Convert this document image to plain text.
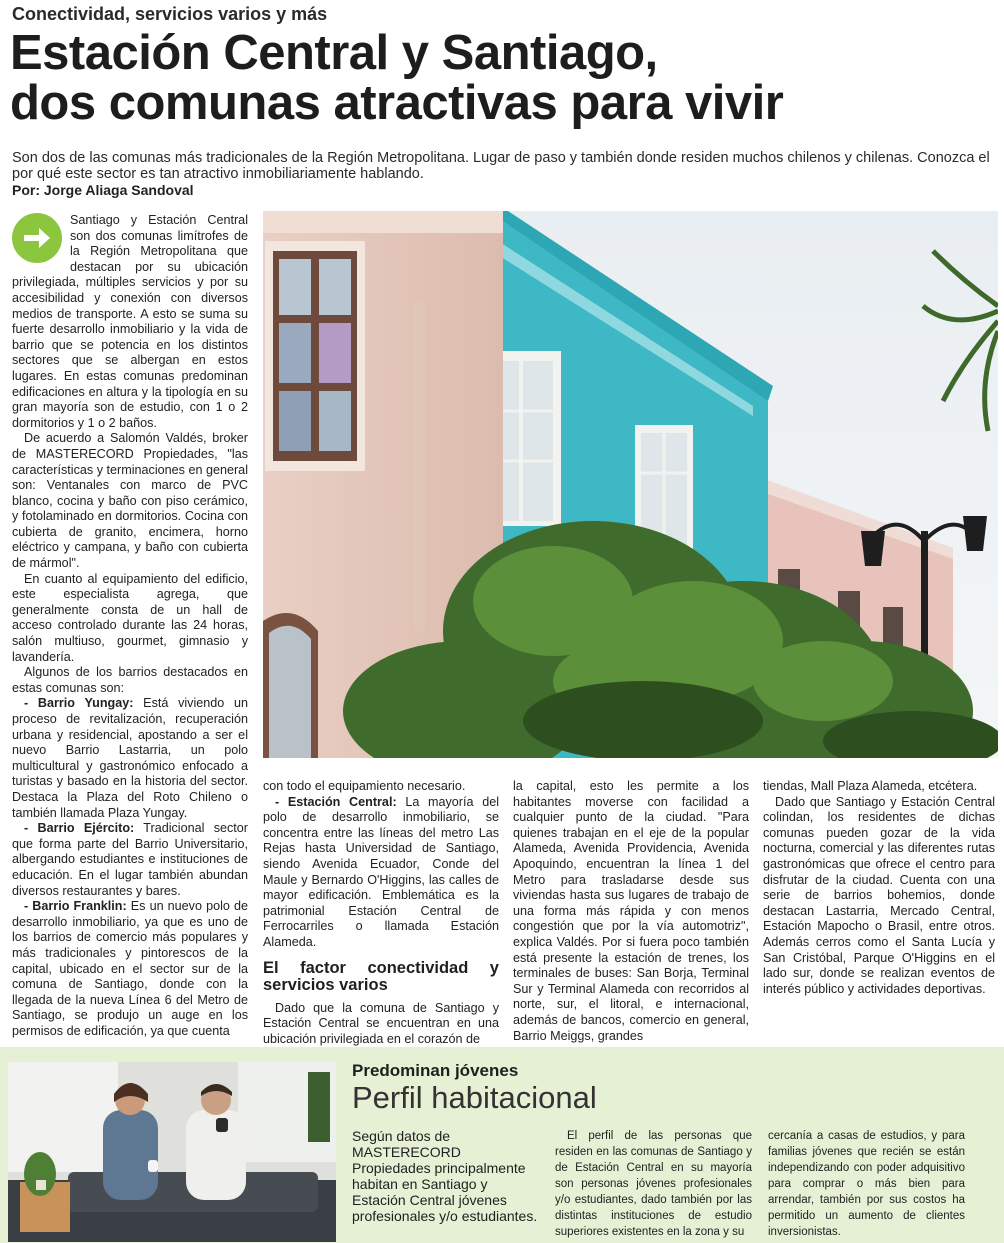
Conectividad, servicios varios y más
Estación Central y Santiago,
dos comunas atractivas para vivir
Son dos de las comunas más tradicionales de la Región Metropolitana. Lugar de paso y también donde residen muchos chilenos y chilenas. Conozca el por qué este sector es tan atractivo inmobiliariamente hablando.
Por: Jorge Aliaga Sandoval

Santiago y Estación Central son dos comunas limítrofes de la Región Metropolitana que destacan por su ubicación privilegiada, múltiples servicios y por su accesibilidad y conexión con diversos medios de transporte. A esto se suma su fuerte desarrollo inmobiliario y la vida de barrio que se potencia en los distintos sectores que se albergan en estos lugares. En estas comunas predominan edificaciones en altura y la tipología en su gran mayoría son de estudio, con 1 o 2 dormitorios y 1 o 2 baños.

De acuerdo a Salomón Valdés, broker de MASTERECORD Propiedades, "las características y terminaciones en general son: Ventanales con marco de PVC blanco, cocina y baño con piso cerámico, y fotolaminado en dormitorios. Cocina con cubierta de granito, encimera, horno eléctrico y campana, y baño con cubierta de mármol".

En cuanto al equipamiento del edificio, este especialista agrega, que generalmente consta de un hall de acceso controlado durante las 24 horas, salón multiuso, gourmet, gimnasio y lavandería.

Algunos de los barrios destacados en estas comunas son:

- Barrio Yungay: Está viviendo un proceso de revitalización, recuperación urbana y residencial, apostando a ser el nuevo Barrio Lastarria, un polo multicultural y gastronómico enfocado a turistas y basado en la historia del sector. Destaca la Plaza del Roto Chileno o también llamada Plaza Yungay.

- Barrio Ejército: Tradicional sector que forma parte del Barrio Universitario, albergando estudiantes e instituciones de educación. En el lugar también abundan diversos restaurantes y bares.

- Barrio Franklin: Es un nuevo polo de desarrollo inmobiliario, ya que es uno de los barrios de comercio más populares y más tradicionales y pintorescos de la capital, ubicado en el sector sur de la comuna de Santiago, donde con la llegada de la nueva Línea 6 del Metro de Santiago, se produjo un auge en los permisos de edificación, ya que cuenta

con todo el equipamiento necesario.

- Estación Central: La mayoría del polo de desarrollo inmobiliario, se concentra entre las líneas del metro Las Rejas hasta Universidad de Santiago, siendo Avenida Ecuador, Conde del Maule y Bernardo O'Higgins, las calles de mayor edificación. Emblemática es la patrimonial Estación Central de Ferrocarriles o llamada Estación Alameda.

El factor conectividad y servicios varios

Dado que la comuna de Santiago y Estación Central se encuentran en una ubicación privilegiada en el corazón de

la capital, esto les permite a los habitantes moverse con facilidad a cualquier punto de la ciudad. "Para quienes trabajan en el eje de la popular Alameda, Avenida Providencia, Avenida Apoquindo, encuentran la línea 1 del Metro para trasladarse desde sus viviendas hasta sus lugares de trabajo de una forma más rápida y con menos congestión que por la vía automotriz", explica Valdés. Por si fuera poco también está presente la estación de trenes, los terminales de buses: San Borja, Terminal Sur y Terminal Alameda con recorridos al norte, sur, el litoral, e internacional, además de bancos, comercio en general, Barrio Meiggs, grandes

tiendas, Mall Plaza Alameda, etcétera.

Dado que Santiago y Estación Central colindan, los residentes de dichas comunas pueden gozar de la vida nocturna, comercial y las diferentes rutas gastronómicas que ofrece el centro para disfrutar de la ciudad. Cuenta con una serie de barrios bohemios, donde destacan Lastarria, Mercado Central, Estación Mapocho o Brasil, entre otros. Además cerros como el Santa Lucía y San Cristóbal, Parque O'Higgins en el lado sur, donde se realizan eventos de interés público y actividades deportivas.

Predominan jóvenes
Perfil habitacional
Según datos de MASTERECORD Propiedades principalmente habitan en Santiago y Estación Central jóvenes profesionales y/o estudiantes.

El perfil de las personas que residen en las comunas de Santiago y de Estación Central en su mayoría son personas jóvenes profesionales y/o estudiantes, dado también por las distintas instituciones de estudio superiores existentes en la zona y su

cercanía a casas de estudios, y para familias jóvenes que recién se están independizando con poder adquisitivo para comprar o más bien para arrendar, también por sus costos ha permitido un aumento de clientes inversionistas.
